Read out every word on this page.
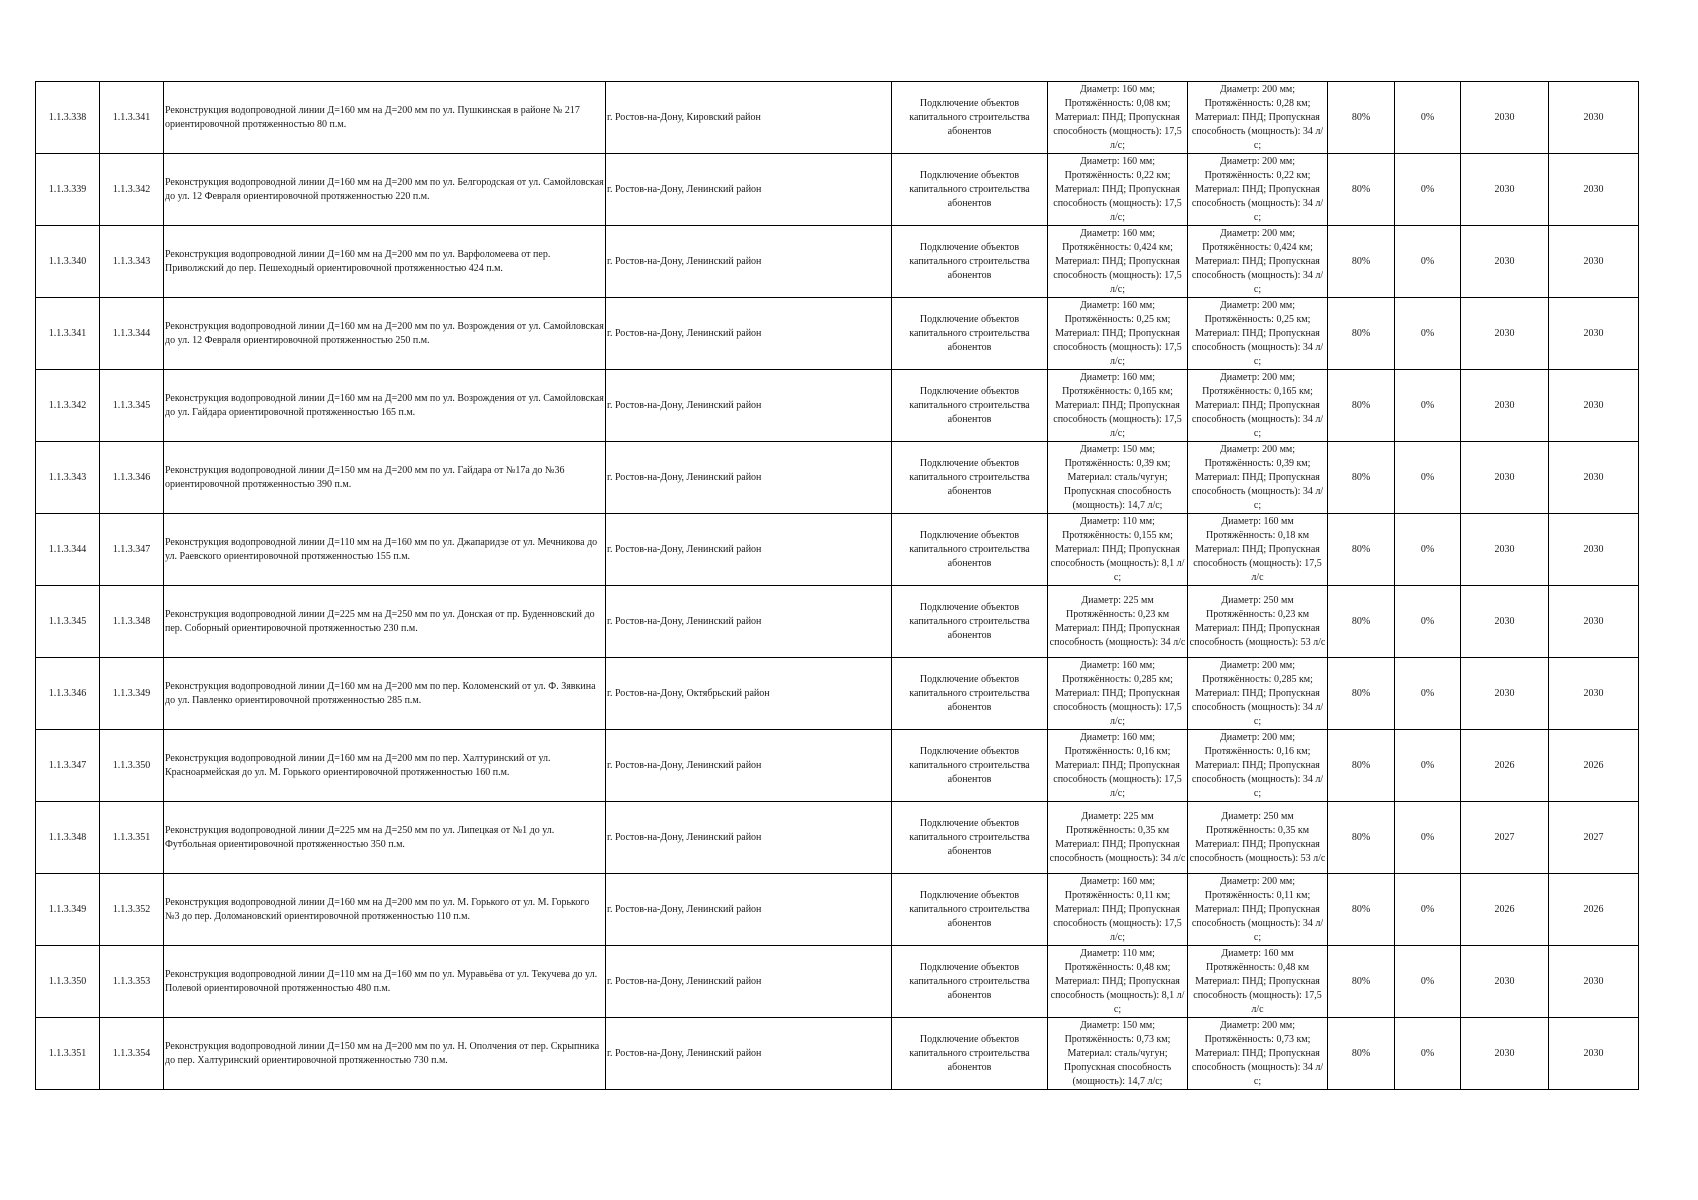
1.1.3.338	1.1.3.341	Реконструкция водопроводной линии Д=160 мм на Д=200 мм по ул. Пушкинская в районе № 217 ориентировочной протяженностью 80 п.м.	г. Ростов-на-Дону, Кировский район	Подключение объектов капитального строительства абонентов	Диаметр: 160 мм; Протяжённость: 0,08 км; Материал: ПНД; Пропускная способность (мощность): 17,5 л/с;	Диаметр: 200 мм; Протяжённость: 0,28 км; Материал: ПНД; Пропускная способность (мощность): 34 л/с;	80%	0%	2030	2030
1.1.3.339	1.1.3.342	Реконструкция водопроводной линии Д=160 мм на Д=200 мм по ул. Белгородская от ул. Самойловская до ул. 12 Февраля ориентировочной протяженностью 220 п.м.	г. Ростов-на-Дону, Ленинский район	Подключение объектов капитального строительства абонентов	Диаметр: 160 мм; Протяжённость: 0,22 км; Материал: ПНД; Пропускная способность (мощность): 17,5 л/с;	Диаметр: 200 мм; Протяжённость: 0,22 км; Материал: ПНД; Пропускная способность (мощность): 34 л/с;	80%	0%	2030	2030
1.1.3.340	1.1.3.343	Реконструкция водопроводной линии Д=160 мм на Д=200 мм по ул. Варфоломеева от пер. Приволжский до пер. Пешеходный ориентировочной протяженностью 424 п.м.	г. Ростов-на-Дону, Ленинский район	Подключение объектов капитального строительства абонентов	Диаметр: 160 мм; Протяжённость: 0,424 км; Материал: ПНД; Пропускная способность (мощность): 17,5 л/с;	Диаметр: 200 мм; Протяжённость: 0,424 км; Материал: ПНД; Пропускная способность (мощность): 34 л/с;	80%	0%	2030	2030
1.1.3.341	1.1.3.344	Реконструкция водопроводной линии Д=160 мм на Д=200 мм по ул. Возрождения от ул. Самойловская до ул. 12 Февраля ориентировочной протяженностью 250 п.м.	г. Ростов-на-Дону, Ленинский район	Подключение объектов капитального строительства абонентов	Диаметр: 160 мм; Протяжённость: 0,25 км; Материал: ПНД; Пропускная способность (мощность): 17,5 л/с;	Диаметр: 200 мм; Протяжённость: 0,25 км; Материал: ПНД; Пропускная способность (мощность): 34 л/с;	80%	0%	2030	2030
1.1.3.342	1.1.3.345	Реконструкция водопроводной линии Д=160 мм на Д=200 мм по ул. Возрождения от ул. Самойловская до ул. Гайдара ориентировочной протяженностью 165 п.м.	г. Ростов-на-Дону, Ленинский район	Подключение объектов капитального строительства абонентов	Диаметр: 160 мм; Протяжённость: 0,165 км; Материал: ПНД; Пропускная способность (мощность): 17,5 л/с;	Диаметр: 200 мм; Протяжённость: 0,165 км; Материал: ПНД; Пропускная способность (мощность): 34 л/с;	80%	0%	2030	2030
1.1.3.343	1.1.3.346	Реконструкция водопроводной линии Д=150 мм на Д=200 мм по ул. Гайдара от №17а до №36 ориентировочной протяженностью 390 п.м.	г. Ростов-на-Дону, Ленинский район	Подключение объектов капитального строительства абонентов	Диаметр: 150 мм; Протяжённость: 0,39 км; Материал: сталь/чугун; Пропускная способность (мощность): 14,7 л/с;	Диаметр: 200 мм; Протяжённость: 0,39 км; Материал: ПНД; Пропускная способность (мощность): 34 л/с;	80%	0%	2030	2030
1.1.3.344	1.1.3.347	Реконструкция водопроводной линии Д=110 мм на Д=160 мм по ул. Джапаридзе от ул. Мечникова до ул. Раевского ориентировочной протяженностью 155 п.м.	г. Ростов-на-Дону, Ленинский район	Подключение объектов капитального строительства абонентов	Диаметр: 110 мм; Протяжённость: 0,155 км; Материал: ПНД; Пропускная способность (мощность): 8,1 л/с;	Диаметр: 160 мм Протяжённость: 0,18 км Материал: ПНД; Пропускная способность (мощность): 17,5 л/с	80%	0%	2030	2030
1.1.3.345	1.1.3.348	Реконструкция водопроводной линии Д=225 мм на Д=250 мм по ул. Донская от пр. Буденновский до пер. Соборный ориентировочной протяженностью 230 п.м.	г. Ростов-на-Дону, Ленинский район	Подключение объектов капитального строительства абонентов	Диаметр: 225 мм Протяжённость: 0,23 км Материал: ПНД; Пропускная способность (мощность): 34 л/с	Диаметр: 250 мм Протяжённость: 0,23 км Материал: ПНД; Пропускная способность (мощность): 53 л/с	80%	0%	2030	2030
1.1.3.346	1.1.3.349	Реконструкция водопроводной линии Д=160 мм на Д=200 мм по пер. Коломенский от ул. Ф. Зявкина до ул. Павленко ориентировочной протяженностью 285 п.м.	г. Ростов-на-Дону, Октябрьский район	Подключение объектов капитального строительства абонентов	Диаметр: 160 мм; Протяжённость: 0,285 км; Материал: ПНД; Пропускная способность (мощность): 17,5 л/с;	Диаметр: 200 мм; Протяжённость: 0,285 км; Материал: ПНД; Пропускная способность (мощность): 34 л/с;	80%	0%	2030	2030
1.1.3.347	1.1.3.350	Реконструкция водопроводной линии Д=160 мм на Д=200 мм по пер. Халтуринский от ул. Красноармейская до ул. М. Горького ориентировочной протяженностью 160 п.м.	г. Ростов-на-Дону, Ленинский район	Подключение объектов капитального строительства абонентов	Диаметр: 160 мм; Протяжённость: 0,16 км; Материал: ПНД; Пропускная способность (мощность): 17,5 л/с;	Диаметр: 200 мм; Протяжённость: 0,16 км; Материал: ПНД; Пропускная способность (мощность): 34 л/с;	80%	0%	2026	2026
1.1.3.348	1.1.3.351	Реконструкция водопроводной линии Д=225 мм на Д=250 мм по ул. Липецкая от №1 до ул. Футбольная ориентировочной протяженностью 350 п.м.	г. Ростов-на-Дону, Ленинский район	Подключение объектов капитального строительства абонентов	Диаметр: 225 мм Протяжённость: 0,35 км Материал: ПНД; Пропускная способность (мощность): 34 л/с	Диаметр: 250 мм Протяжённость: 0,35 км Материал: ПНД; Пропускная способность (мощность): 53 л/с	80%	0%	2027	2027
1.1.3.349	1.1.3.352	Реконструкция водопроводной линии Д=160 мм на Д=200 мм по ул. М. Горького от ул. М. Горького №3 до пер. Доломановский ориентировочной протяженностью 110 п.м.	г. Ростов-на-Дону, Ленинский район	Подключение объектов капитального строительства абонентов	Диаметр: 160 мм; Протяжённость: 0,11 км; Материал: ПНД; Пропускная способность (мощность): 17,5 л/с;	Диаметр: 200 мм; Протяжённость: 0,11 км; Материал: ПНД; Пропускная способность (мощность): 34 л/с;	80%	0%	2026	2026
1.1.3.350	1.1.3.353	Реконструкция водопроводной линии Д=110 мм на Д=160 мм по ул. Муравьёва от ул. Текучева до ул. Полевой ориентировочной протяженностью 480 п.м.	г. Ростов-на-Дону, Ленинский район	Подключение объектов капитального строительства абонентов	Диаметр: 110 мм; Протяжённость: 0,48 км; Материал: ПНД; Пропускная способность (мощность): 8,1 л/с;	Диаметр: 160 мм Протяжённость: 0,48 км Материал: ПНД; Пропускная способность (мощность): 17,5 л/с	80%	0%	2030	2030
1.1.3.351	1.1.3.354	Реконструкция водопроводной линии Д=150 мм на Д=200 мм по ул. Н. Ополчения от пер. Скрыпника до пер. Халтуринский ориентировочной протяженностью 730 п.м.	г. Ростов-на-Дону, Ленинский район	Подключение объектов капитального строительства абонентов	Диаметр: 150 мм; Протяжённость: 0,73 км; Материал: сталь/чугун; Пропускная способность (мощность): 14,7 л/с;	Диаметр: 200 мм; Протяжённость: 0,73 км; Материал: ПНД; Пропускная способность (мощность): 34 л/с;	80%	0%	2030	2030
